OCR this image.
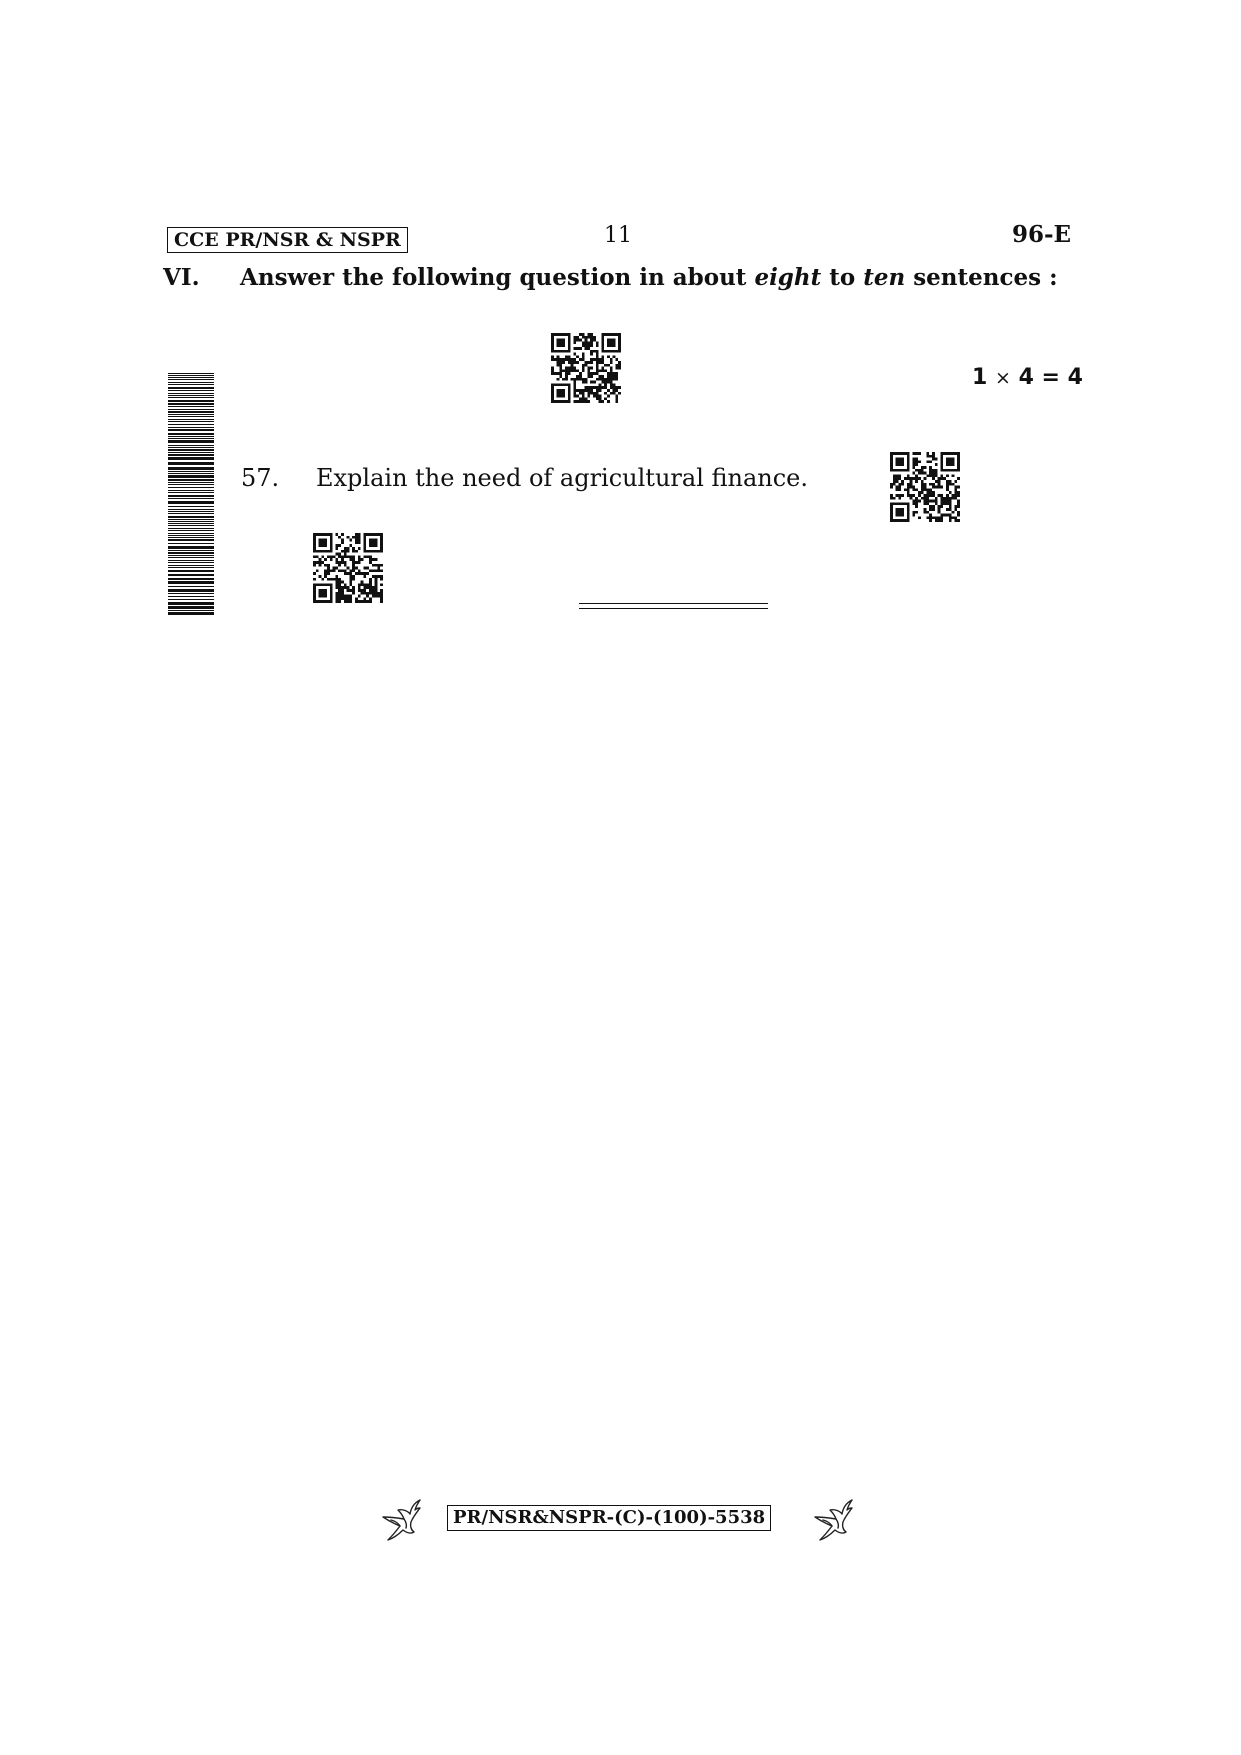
CCE PR/NSR & NSPR	11	96-E
VI. Answer the following question in about eight to ten sentences :
1 × 4 = 4
57. Explain the need of agricultural finance.
PR/NSR&NSPR-(C)-(100)-5538
